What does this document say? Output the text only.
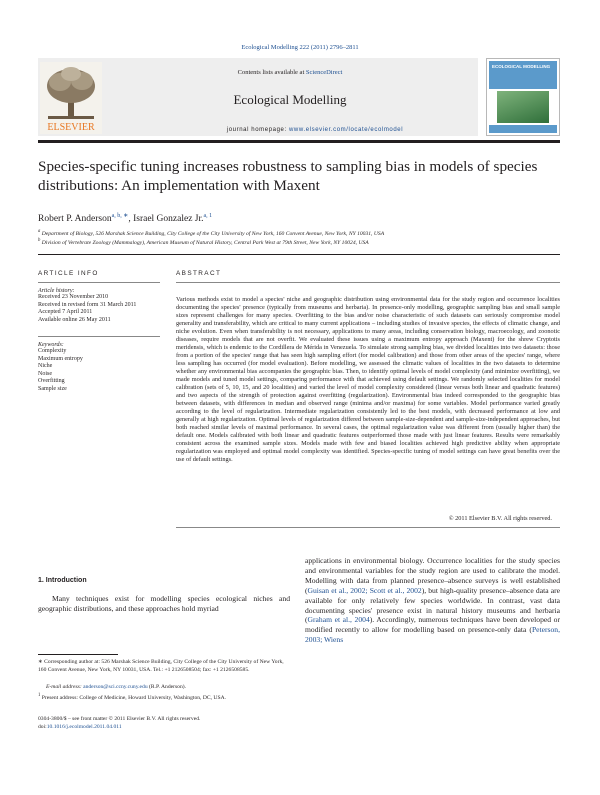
Ecological Modelling 222 (2011) 2796–2811
ELSEVIER
Contents lists available at ScienceDirect
Ecological Modelling
ECOLOGICAL MODELLING
journal homepage: www.elsevier.com/locate/ecolmodel
Species-specific tuning increases robustness to sampling bias in models of species distributions: An implementation with Maxent
Robert P. Anderson$^{a, b, ∗}$, Israel Gonzalez Jr.$^{a, 1}$
$^a$ Department of Biology, 526 Marshak Science Building, City College of the City University of New York, 160 Convent Avenue, New York, NY 10031, USA
$^b$ Division of Vertebrate Zoology (Mammalogy), American Museum of Natural History, Central Park West at 79th Street, New York, NY 10024, USA
ARTICLE INFO	ABSTRACT
Article history:
Received 23 November 2010
Received in revised form 31 March 2011
Accepted 7 April 2011
Available online 26 May 2011
Keywords:
Complexity
Maximum entropy
Niche
Noise
Overfitting
Sample size
Various methods exist to model a species' niche and geographic distribution using environmental data for the study region and occurrence localities documenting the species' presence (typically from museums and herbaria). In presence-only modelling, geographic sampling bias and small sample sizes represent challenges for many species. Overfitting to the bias and/or noise characteristic of such datasets can seriously compromise model generality and transferability, which are critical to many current applications – including studies of invasive species, the effects of climatic change, and niche evolution. Even when transferability is not necessary, applications to many areas, including conservation biology, macroecology, and zoonotic diseases, require models that are not overfit. We evaluated these issues using a maximum entropy approach (Maxent) for the shrew Cryptotis meridensis, which is endemic to the Cordillera de Mérida in Venezuela. To simulate strong sampling bias, we divided localities into two datasets: those from a portion of the species' range that has seen high sampling effort (for model calibration) and those from other areas of the species' range, where less sampling has occurred (for model evaluation). Before modelling, we assessed the climatic values of localities in the two datasets to determine whether any environmental bias accompanies the geographic bias. Then, to identify optimal levels of model complexity (and minimize overfitting), we made models and tuned model settings, comparing performance with that achieved using default settings. We randomly selected localities for model calibration (sets of 5, 10, 15, and 20 localities) and varied the level of model complexity considered (linear versus both linear and quadratic features) and two aspects of the strength of protection against overfitting (regularization). Environmental bias indeed corresponded to the geographic bias between datasets, with differences in median and observed range (minima and/or maxima) for some variables. Model performance varied greatly according to the level of regularization. Intermediate regularization consistently led to the best models, with decreased performance at low and generally at high regularization. Optimal levels of regularization differed between sample-size-dependent and sample-size-independent approaches, but both reached similar levels of maximal performance. In several cases, the optimal regularization value was different from (usually higher than) the default one. Models calibrated with both linear and quadratic features outperformed those made with just linear features. Results were remarkably consistent across the examined sample sizes. Models made with few and biased localities achieved high predictive ability when appropriate regularization was employed and optimal model complexity was identified. Species-specific tuning of model settings can have great benefits over the use of default settings.
© 2011 Elsevier B.V. All rights reserved.
1. Introduction
Many techniques exist for modelling species ecological niches and geographic distributions, and these approaches hold myriad
applications in environmental biology. Occurrence localities for the study species and environmental variables for the study region are used to calibrate the model. Modelling with data from planned presence–absence surveys is well established (Guisan et al., 2002; Scott et al., 2002), but high-quality presence–absence data are available for only relatively few species worldwide. In contrast, vast data documenting species' presence exist in natural history museums and herbaria (Graham et al., 2004). Accordingly, numerous techniques have been developed or modified recently to allow for modelling based on presence-only data (Peterson, 2003; Wiens
∗ Corresponding author at: 526 Marshak Science Building, City College of the City University of New York, 160 Convent Avenue, New York, NY 10031, USA. Tel.: +1 2126508504; fax: +1 2126508585.
E-mail address: anderson@sci.ccny.cuny.edu (R.P. Anderson).
$^1$ Present address: College of Medicine, Howard University, Washington, DC, USA.
0304-3800/$ – see front matter © 2011 Elsevier B.V. All rights reserved.
doi:10.1016/j.ecolmodel.2011.04.011
